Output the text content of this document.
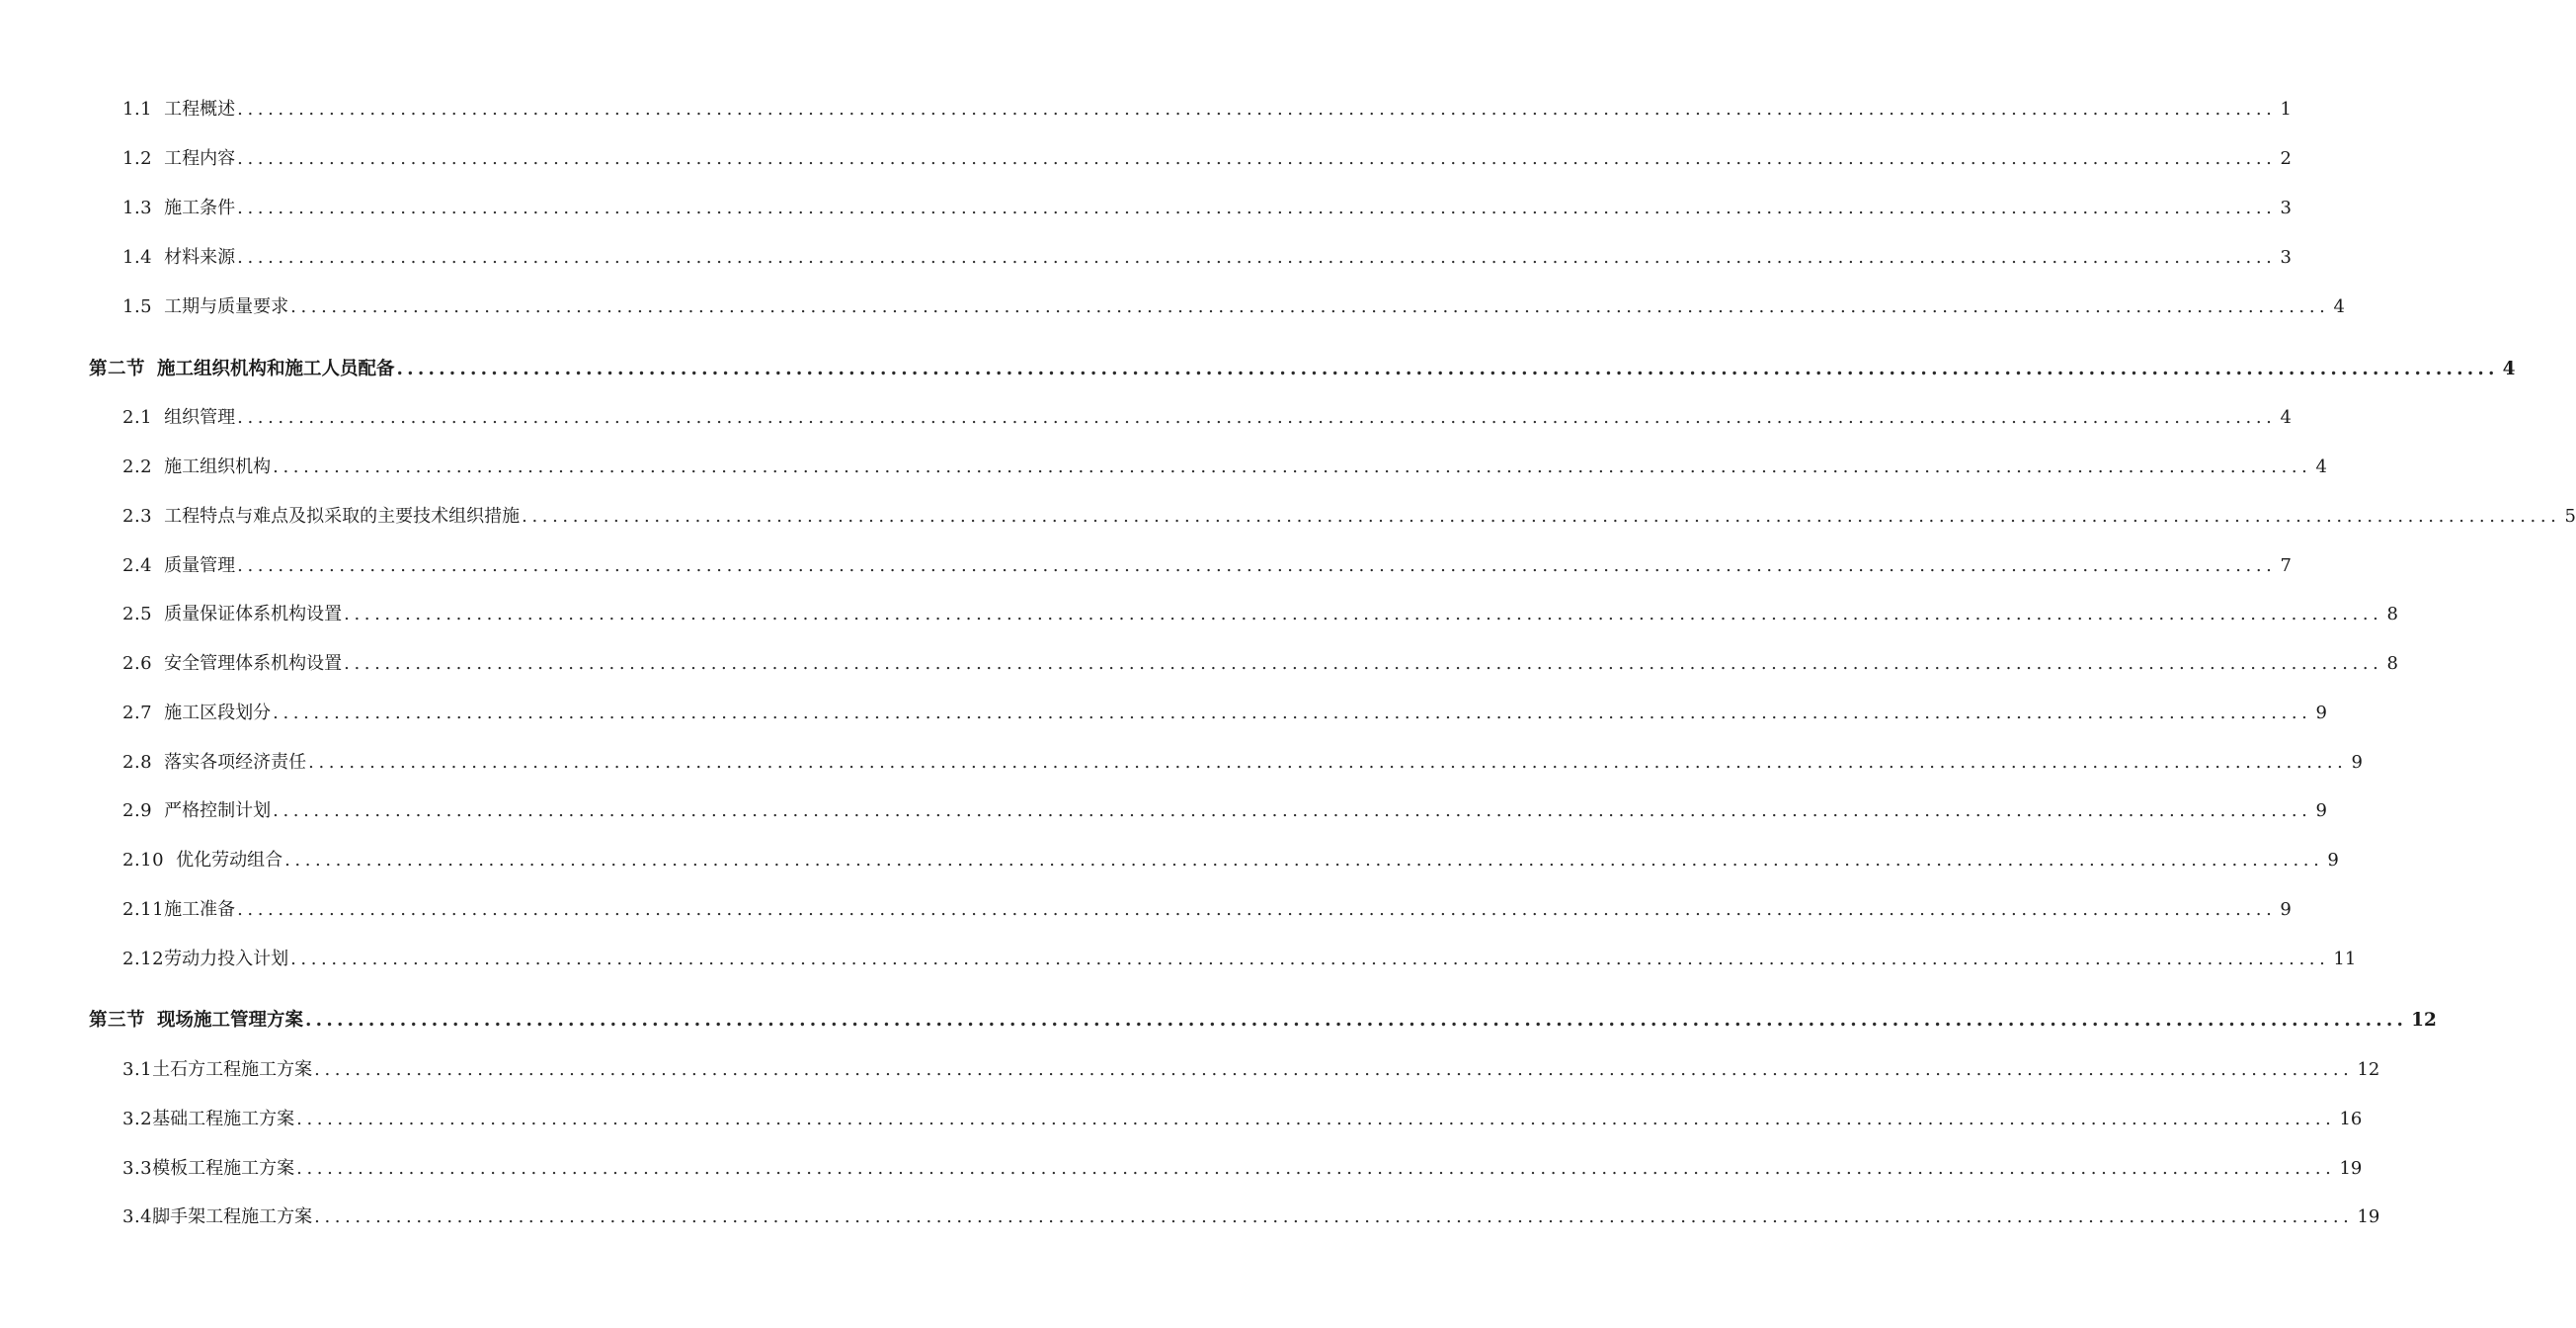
1.1 工程概述 ........................................................................................................................................................................................................ 1
1.2 工程内容 ........................................................................................................................................................................................................ 2
1.3 施工条件 ........................................................................................................................................................................................................ 3
1.4 材料来源 ........................................................................................................................................................................................................ 3
1.5 工期与质量要求 ........................................................................................................................................................................................................ 4
第二节 施工组织机构和施工人员配备 ........................................................................................................................................................................................................ 4
2.1 组织管理 ........................................................................................................................................................................................................ 4
2.2 施工组织机构 ........................................................................................................................................................................................................ 4
2.3 工程特点与难点及拟采取的主要技术组织措施 ........................................................................................................................................................................................................ 5
2.4 质量管理 ........................................................................................................................................................................................................ 7
2.5 质量保证体系机构设置 ........................................................................................................................................................................................................ 8
2.6 安全管理体系机构设置 ........................................................................................................................................................................................................ 8
2.7 施工区段划分 ........................................................................................................................................................................................................ 9
2.8 落实各项经济责任 ........................................................................................................................................................................................................ 9
2.9 严格控制计划 ........................................................................................................................................................................................................ 9
2.10 优化劳动组合 ........................................................................................................................................................................................................ 9
2.11 施工准备 ........................................................................................................................................................................................................ 9
2.12 劳动力投入计划 ........................................................................................................................................................................................................ 11
第三节 现场施工管理方案 ........................................................................................................................................................................................................ 12
3.1 土石方工程施工方案 ........................................................................................................................................................................................................ 12
3.2 基础工程施工方案 ........................................................................................................................................................................................................ 16
3.3 模板工程施工方案 ........................................................................................................................................................................................................ 19
3.4 脚手架工程施工方案 ........................................................................................................................................................................................................ 19
